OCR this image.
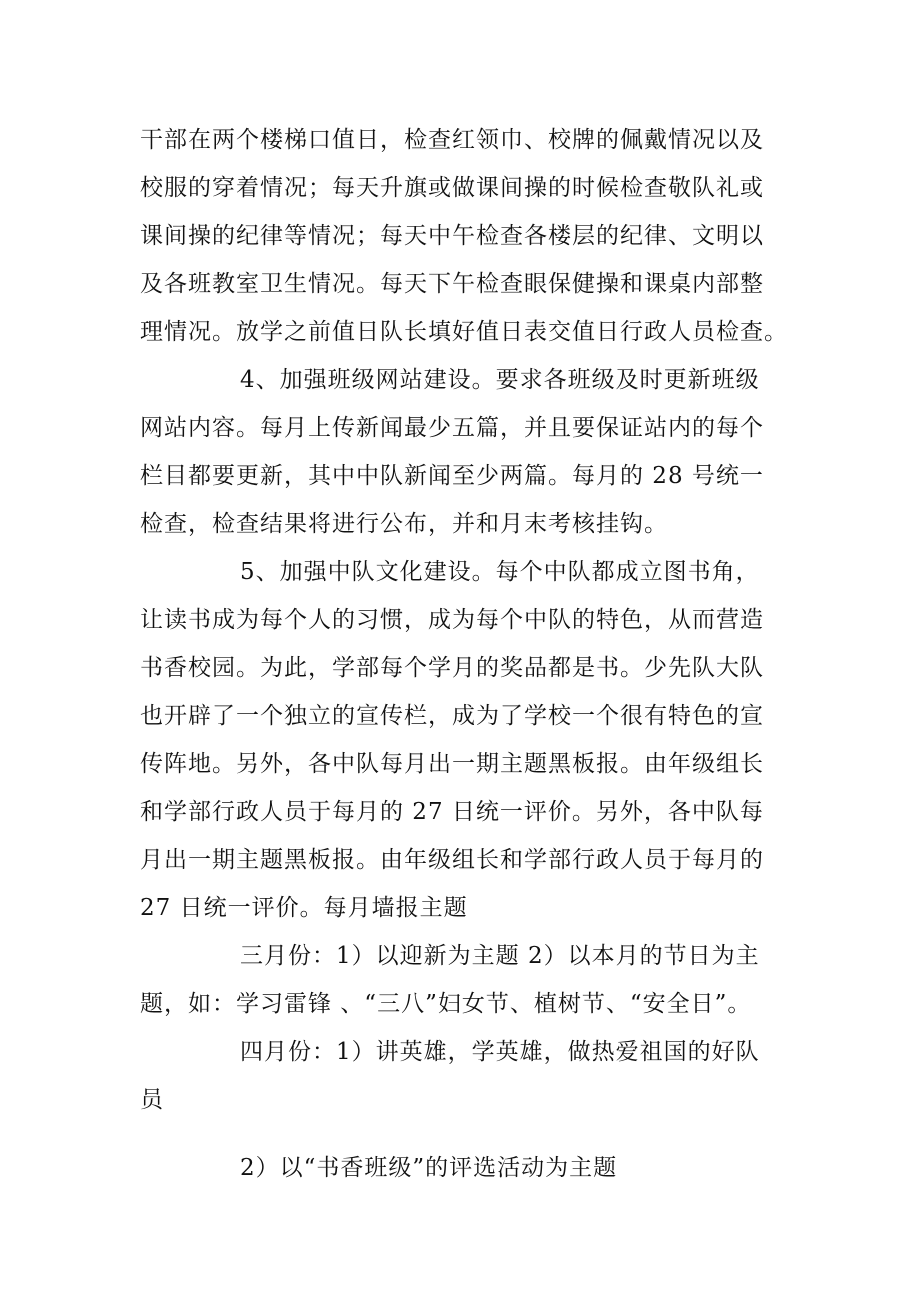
干部在两个楼梯口值日，检查红领巾、校牌的佩戴情况以及
校服的穿着情况；每天升旗或做课间操的时候检查敬队礼或
课间操的纪律等情况；每天中午检查各楼层的纪律、文明以
及各班教室卫生情况。每天下午检查眼保健操和课桌内部整
理情况。放学之前值日队长填好值日表交值日行政人员检查。
4、加强班级网站建设。要求各班级及时更新班级
网站内容。每月上传新闻最少五篇，并且要保证站内的每个
栏目都要更新，其中中队新闻至少两篇。每月的 28 号统一
检查，检查结果将进行公布，并和月末考核挂钩。
5、加强中队文化建设。每个中队都成立图书角，
让读书成为每个人的习惯，成为每个中队的特色，从而营造
书香校园。为此，学部每个学月的奖品都是书。少先队大队
也开辟了一个独立的宣传栏，成为了学校一个很有特色的宣
传阵地。另外，各中队每月出一期主题黑板报。由年级组长
和学部行政人员于每月的 27 日统一评价。另外，各中队每
月出一期主题黑板报。由年级组长和学部行政人员于每月的
27 日统一评价。每月墙报主题
三月份：1）以迎新为主题 2）以本月的节日为主
题，如：学习雷锋 、“三八”妇女节、植树节、“安全日”。
四月份：1）讲英雄，学英雄，做热爱祖国的好队
员
2）以“书香班级”的评选活动为主题
